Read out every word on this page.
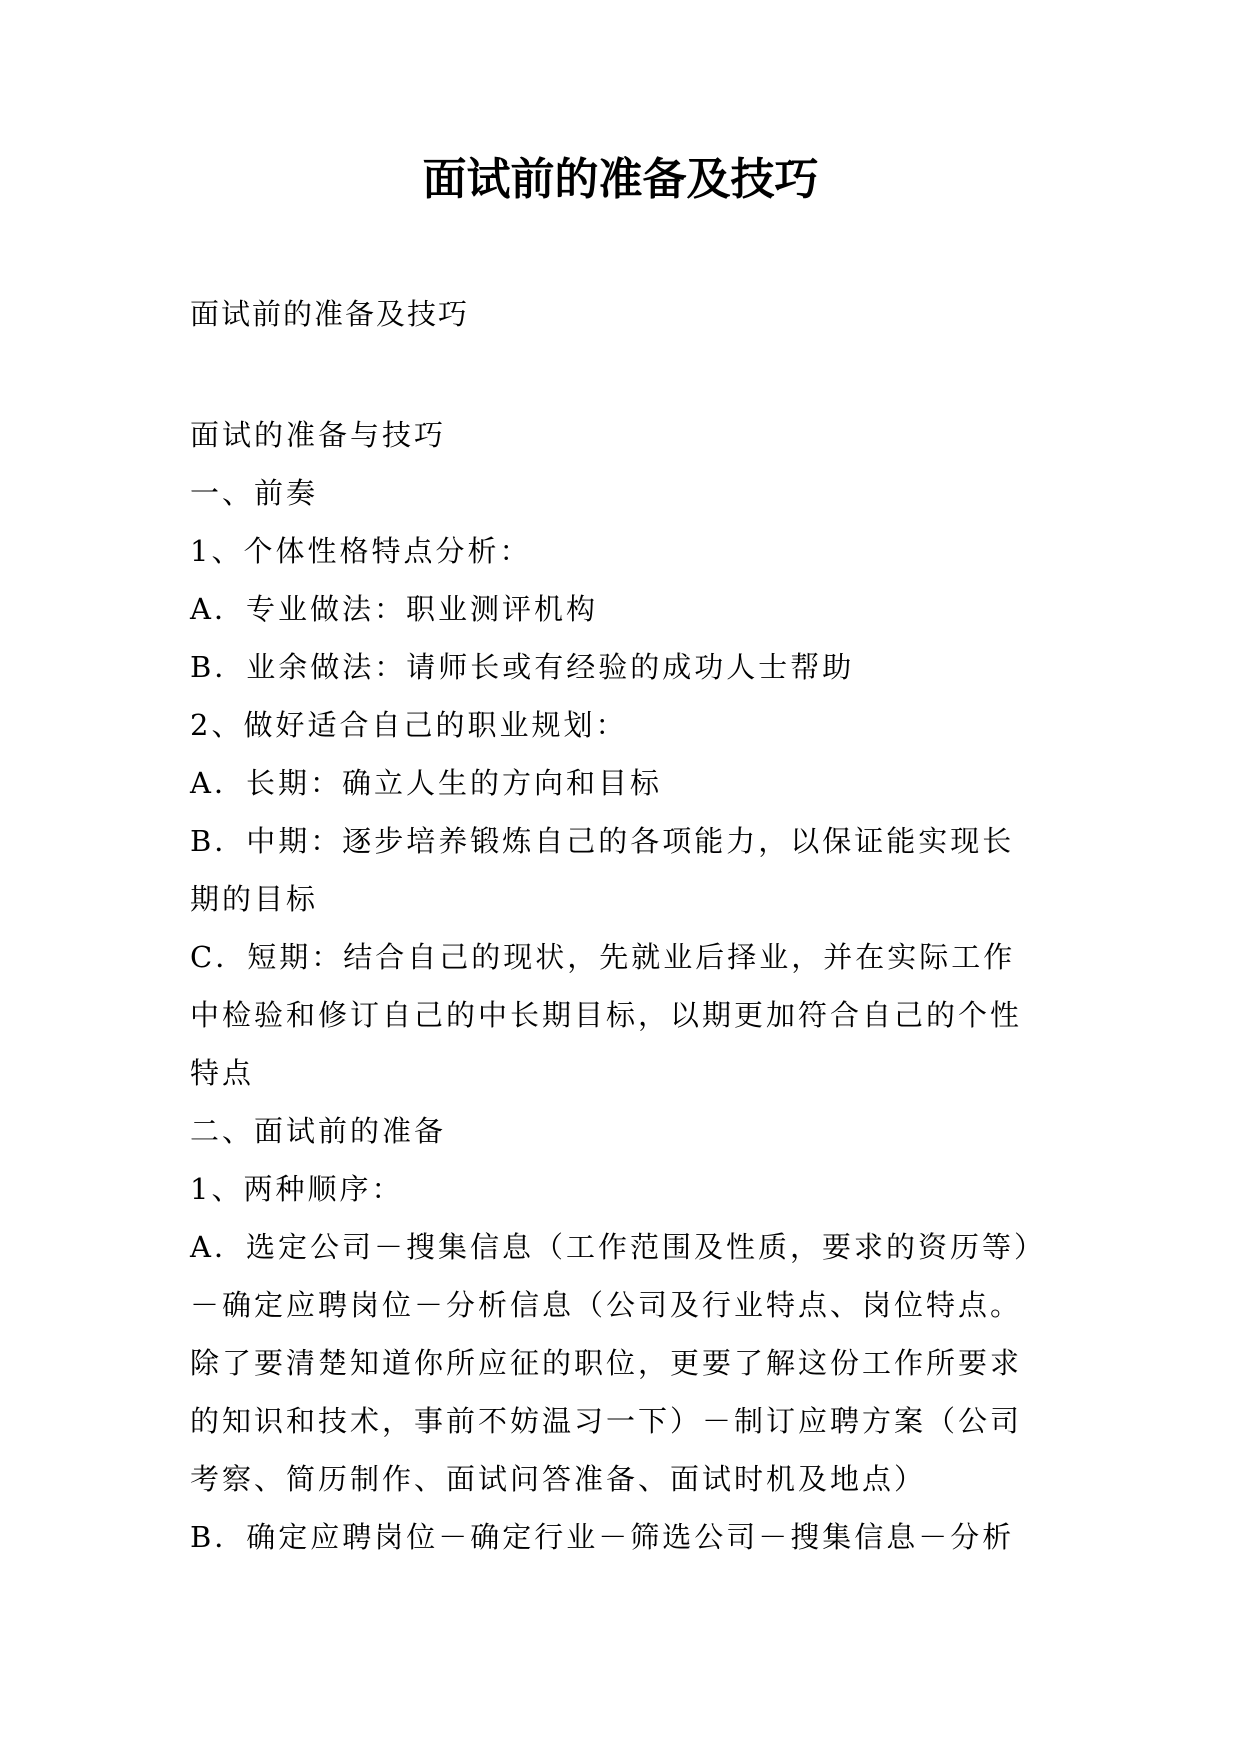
面试前的准备及技巧
面试前的准备及技巧
面试的准备与技巧
一、前奏
1、个体性格特点分析：
A．专业做法：职业测评机构
B．业余做法：请师长或有经验的成功人士帮助
2、做好适合自己的职业规划：
A．长期：确立人生的方向和目标
B．中期：逐步培养锻炼自己的各项能力，以保证能实现长
期的目标
C．短期：结合自己的现状，先就业后择业，并在实际工作
中检验和修订自己的中长期目标，以期更加符合自己的个性
特点
二、面试前的准备
1、两种顺序：
A．选定公司－搜集信息（工作范围及性质，要求的资历等）
－确定应聘岗位－分析信息（公司及行业特点、岗位特点。
除了要清楚知道你所应征的职位，更要了解这份工作所要求
的知识和技术，事前不妨温习一下）－制订应聘方案（公司
考察、简历制作、面试问答准备、面试时机及地点）
B．确定应聘岗位－确定行业－筛选公司－搜集信息－分析
